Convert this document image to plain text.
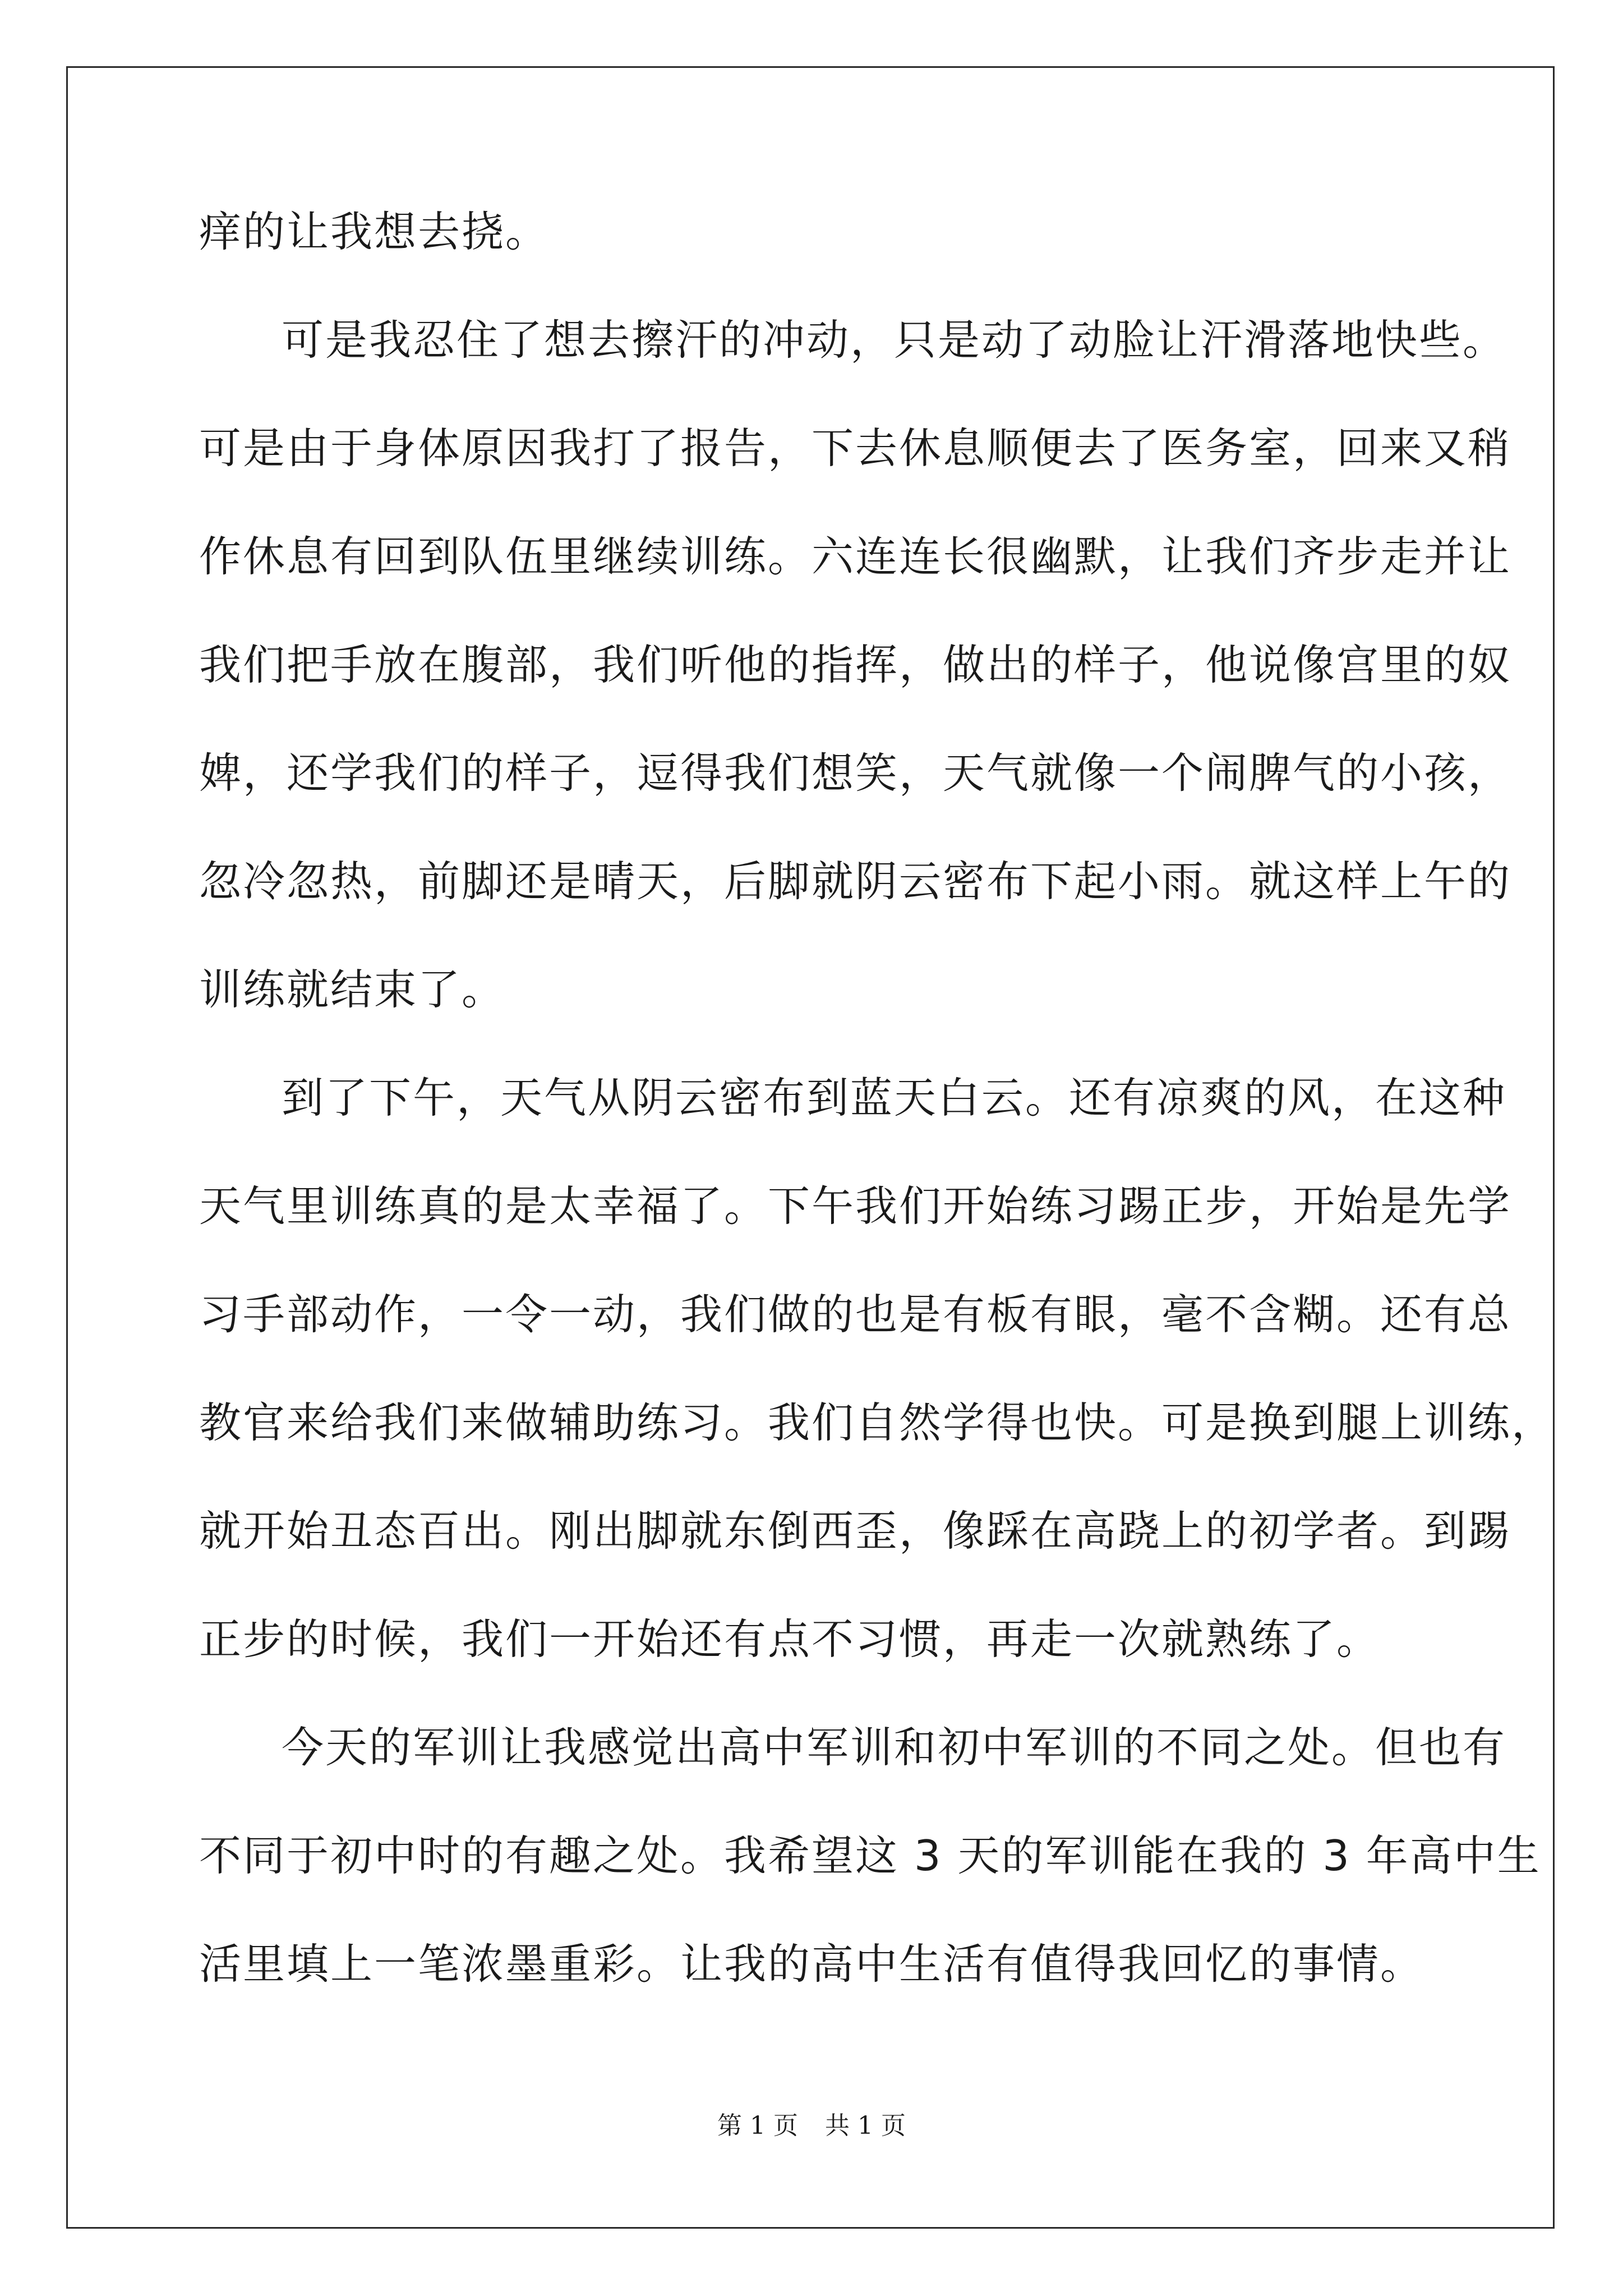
痒的让我想去挠。
可是我忍住了想去擦汗的冲动，只是动了动脸让汗滑落地快些。
可是由于身体原因我打了报告，下去休息顺便去了医务室，回来又稍
作休息有回到队伍里继续训练。六连连长很幽默，让我们齐步走并让
我们把手放在腹部，我们听他的指挥，做出的样子，他说像宫里的奴
婢，还学我们的样子，逗得我们想笑，天气就像一个闹脾气的小孩，
忽冷忽热，前脚还是晴天，后脚就阴云密布下起小雨。就这样上午的
训练就结束了。
到了下午，天气从阴云密布到蓝天白云。还有凉爽的风，在这种
天气里训练真的是太幸福了。下午我们开始练习踢正步，开始是先学
习手部动作，一令一动，我们做的也是有板有眼，毫不含糊。还有总
教官来给我们来做辅助练习。我们自然学得也快。可是换到腿上训练，
就开始丑态百出。刚出脚就东倒西歪，像踩在高跷上的初学者。到踢
正步的时候，我们一开始还有点不习惯，再走一次就熟练了。
今天的军训让我感觉出高中军训和初中军训的不同之处。但也有
不同于初中时的有趣之处。我希望这 3 天的军训能在我的 3 年高中生
活里填上一笔浓墨重彩。让我的高中生活有值得我回忆的事情。
第 1 页 共 1 页
